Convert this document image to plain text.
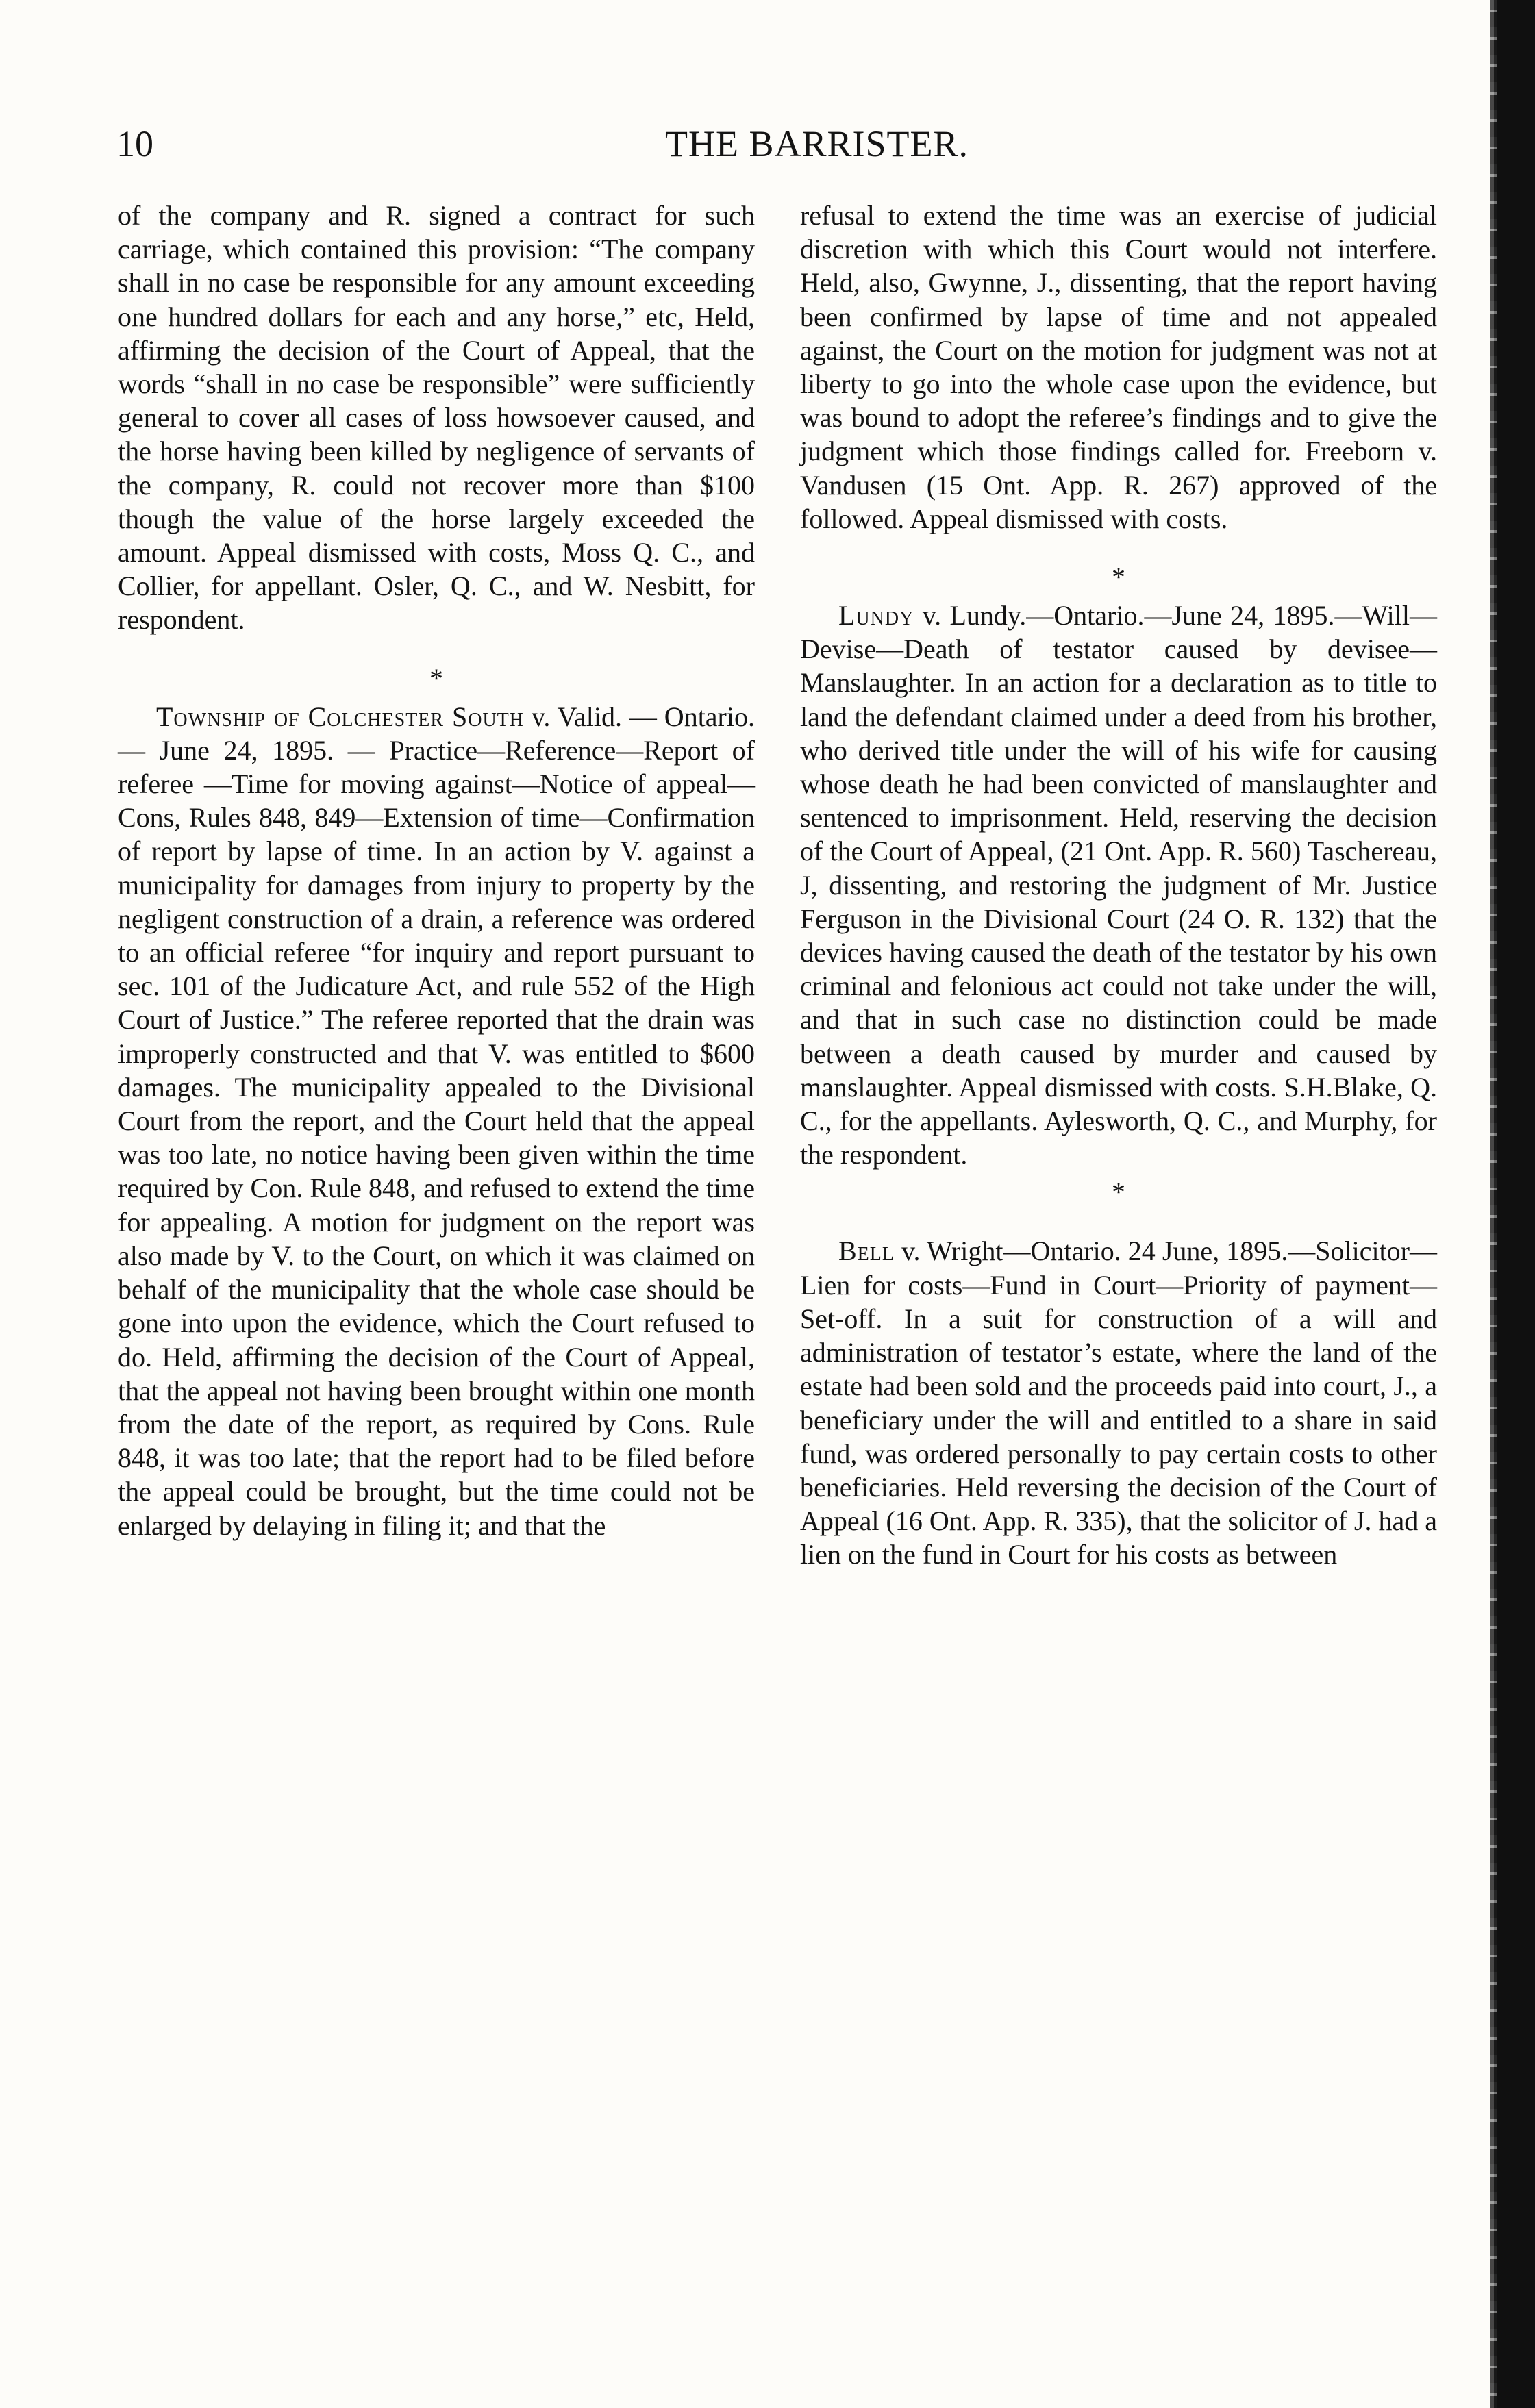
10	THE BARRISTER.

of the company and R. signed a contract for such carriage, which contained this provision: “The company shall in no case be responsible for any amount exceeding one hundred dollars for each and any horse,” etc, Held, affirming the decision of the Court of Appeal, that the words “shall in no case be responsible” were sufficiently general to cover all cases of loss howsoever caused, and the horse having been killed by negligence of servants of the company, R. could not recover more than $100 though the value of the horse largely exceeded the amount. Appeal dismissed with costs, Moss Q. C., and Collier, for appellant. Osler, Q. C., and W. Nesbitt, for respondent.

*

Township of Colchester South v. Valid. — Ontario. — June 24, 1895. — Practice—Reference—Report of referee —Time for moving against—Notice of appeal—Cons, Rules 848, 849—Extension of time—Confirmation of report by lapse of time. In an action by V. against a municipality for damages from injury to property by the negligent construction of a drain, a reference was ordered to an official referee “for inquiry and report pursuant to sec. 101 of the Judicature Act, and rule 552 of the High Court of Justice.” The referee reported that the drain was improperly constructed and that V. was entitled to $600 damages. The municipality appealed to the Divisional Court from the report, and the Court held that the appeal was too late, no notice having been given within the time required by Con. Rule 848, and refused to extend the time for appealing. A motion for judgment on the report was also made by V. to the Court, on which it was claimed on behalf of the municipality that the whole case should be gone into upon the evidence, which the Court refused to do. Held, affirming the decision of the Court of Appeal, that the appeal not having been brought within one month from the date of the report, as required by Cons. Rule 848, it was too late; that the report had to be filed before the appeal could be brought, but the time could not be enlarged by delaying in filing it; and that the

refusal to extend the time was an exercise of judicial discretion with which this Court would not interfere. Held, also, Gwynne, J., dissenting, that the report having been confirmed by lapse of time and not appealed against, the Court on the motion for judgment was not at liberty to go into the whole case upon the evidence, but was bound to adopt the referee’s findings and to give the judgment which those findings called for. Freeborn v. Vandusen (15 Ont. App. R. 267) approved of the followed. Appeal dismissed with costs.

*

Lundy v. Lundy.—Ontario.—June 24, 1895.—Will—Devise—Death of testator caused by devisee—Manslaughter. In an action for a declaration as to title to land the defendant claimed under a deed from his brother, who derived title under the will of his wife for causing whose death he had been convicted of manslaughter and sentenced to imprisonment. Held, reserving the decision of the Court of Appeal, (21 Ont. App. R. 560) Taschereau, J, dissenting, and restoring the judgment of Mr. Justice Ferguson in the Divisional Court (24 O. R. 132) that the devices having caused the death of the testator by his own criminal and felonious act could not take under the will, and that in such case no distinction could be made between a death caused by murder and caused by manslaughter. Appeal dismissed with costs. S.H.Blake, Q. C., for the appellants. Aylesworth, Q. C., and Murphy, for the respondent.

*

Bell v. Wright—Ontario. 24 June, 1895.—Solicitor—Lien for costs—Fund in Court—Priority of payment—Set-off. In a suit for construction of a will and administration of testator’s estate, where the land of the estate had been sold and the proceeds paid into court, J., a beneficiary under the will and entitled to a share in said fund, was ordered personally to pay certain costs to other beneficiaries. Held reversing the decision of the Court of Appeal (16 Ont. App. R. 335), that the solicitor of J. had a lien on the fund in Court for his costs as between
